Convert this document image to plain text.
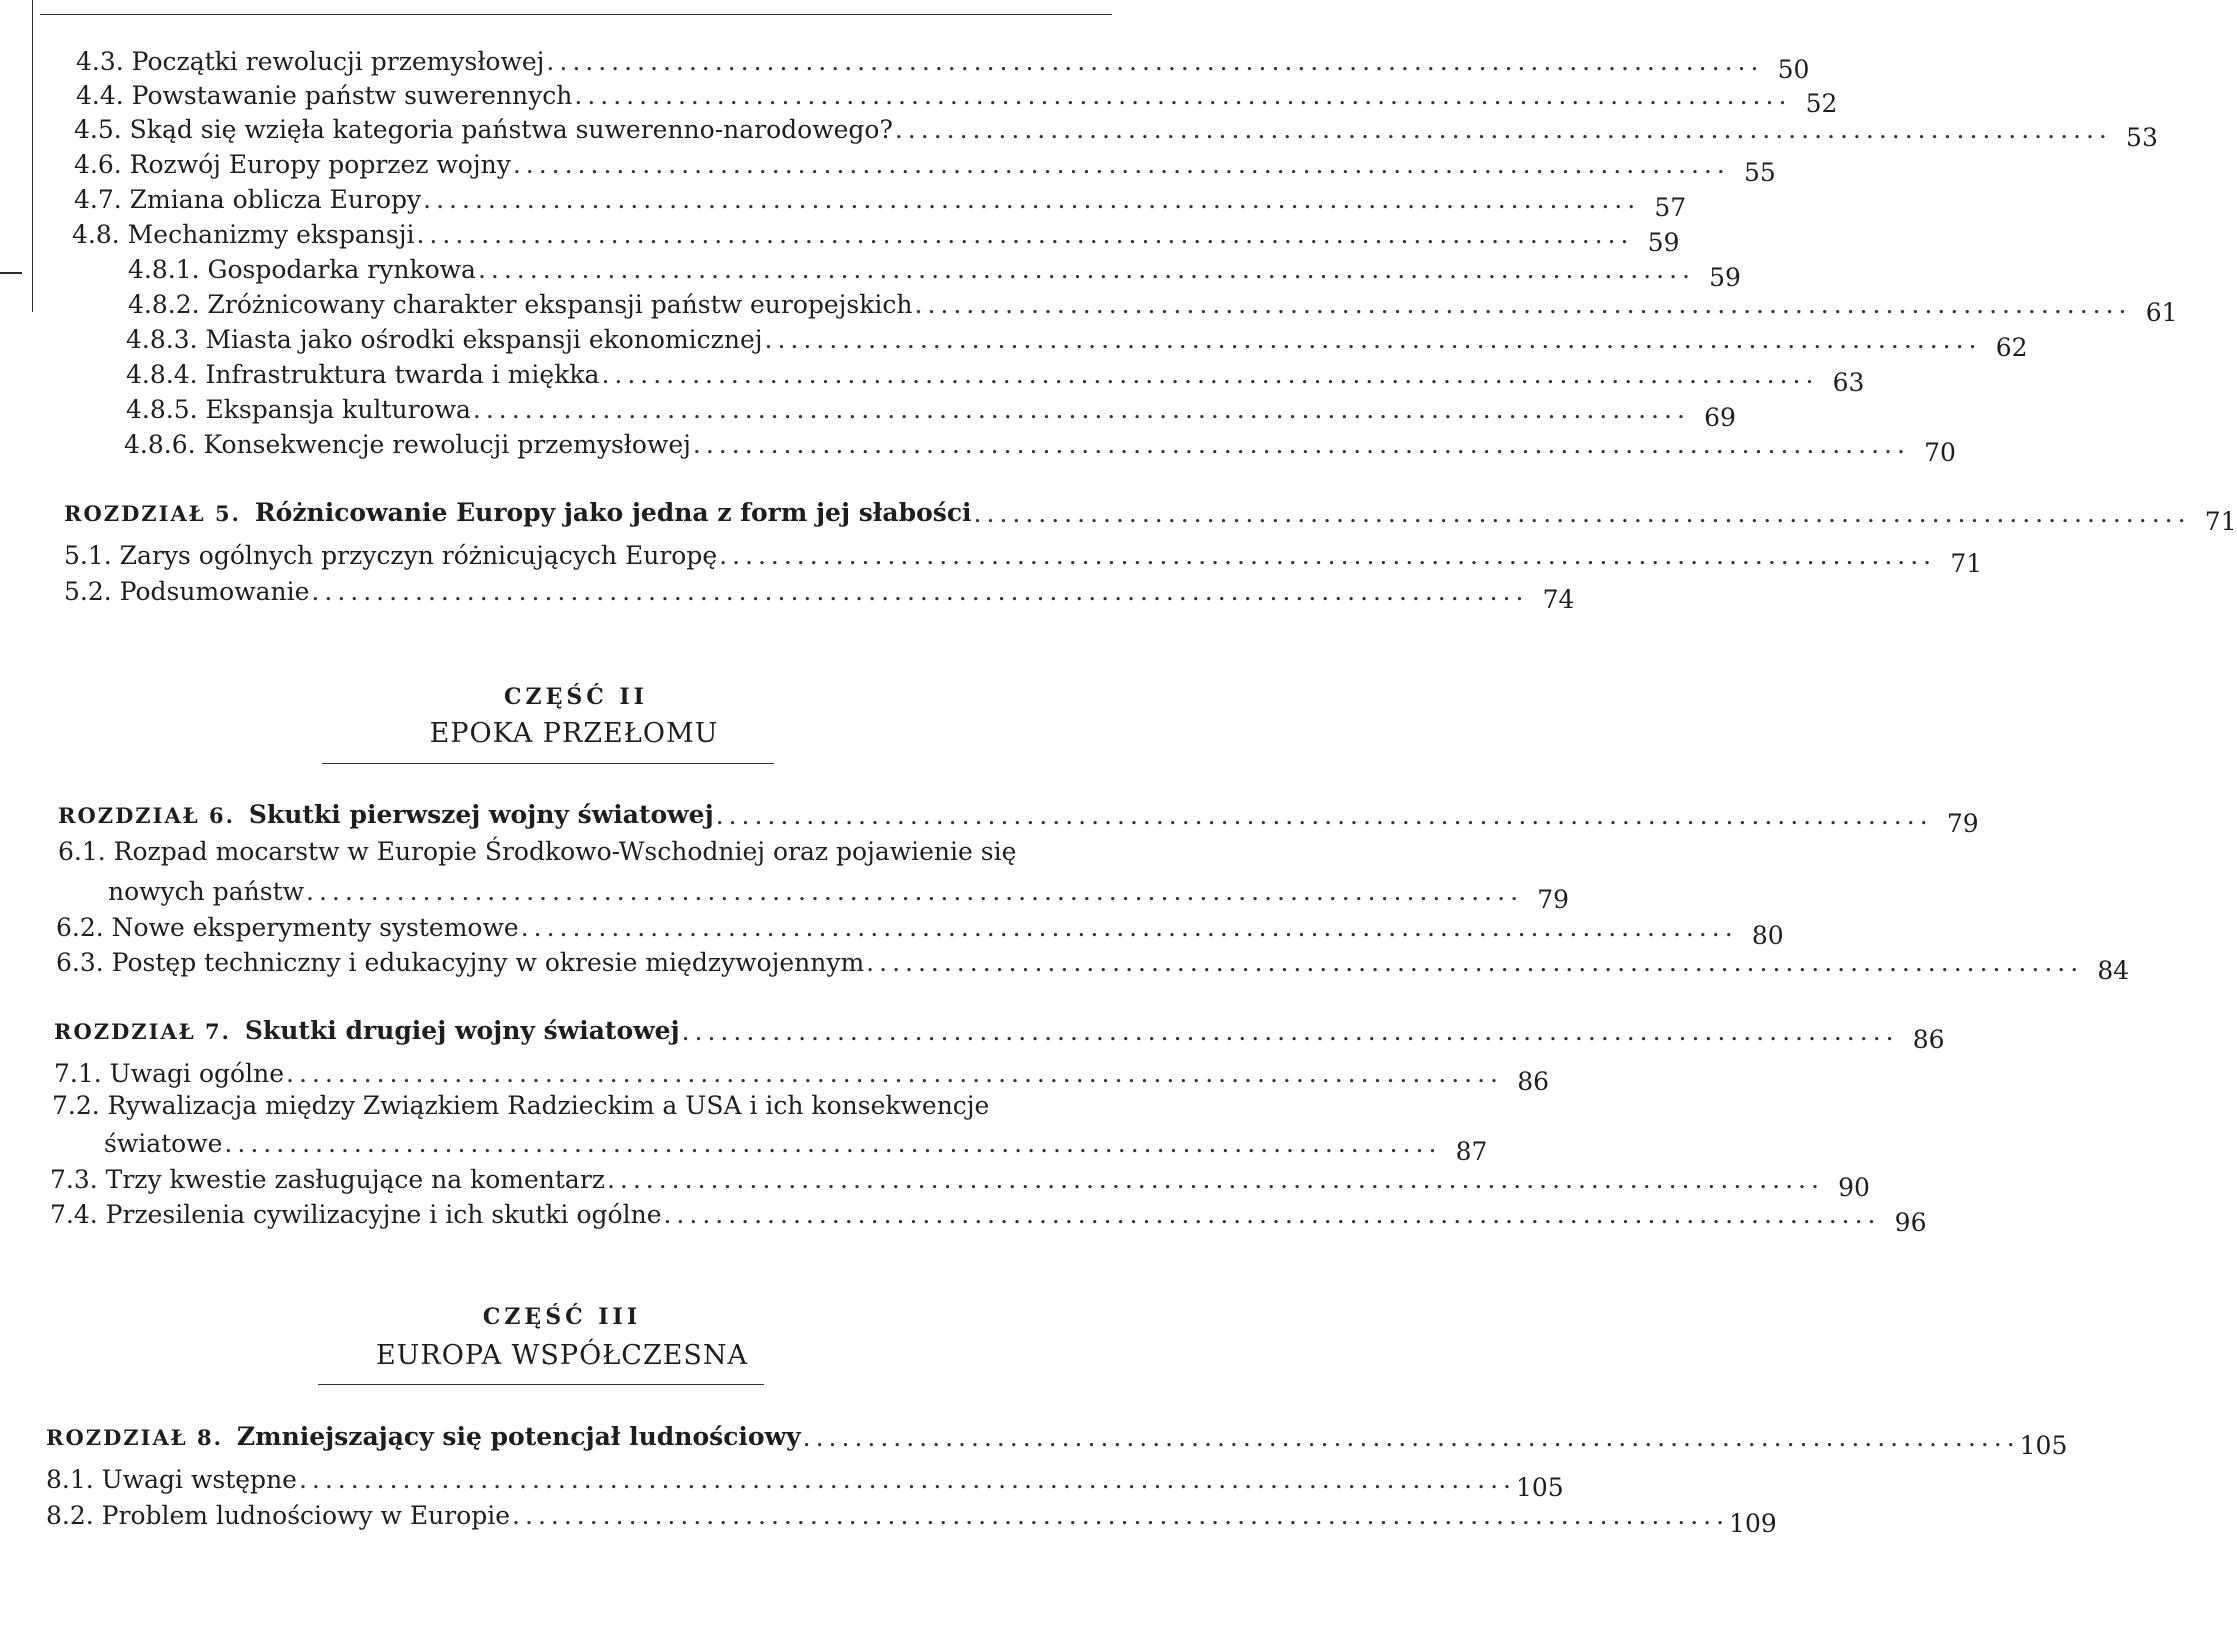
4.3. Początki rewolucji przemysłowej .............................................................................................. 50
4.4. Powstawanie państw suwerennych .............................................................................................. 52
4.5. Skąd się wzięła kategoria państwa suwerenno-narodowego? .............................................................................................. 53
4.6. Rozwój Europy poprzez wojny .............................................................................................. 55
4.7. Zmiana oblicza Europy .............................................................................................. 57
4.8. Mechanizmy ekspansji .............................................................................................. 59
4.8.1. Gospodarka rynkowa .............................................................................................. 59
4.8.2. Zróżnicowany charakter ekspansji państw europejskich .............................................................................................. 61
4.8.3. Miasta jako ośrodki ekspansji ekonomicznej .............................................................................................. 62
4.8.4. Infrastruktura twarda i miękka .............................................................................................. 63
4.8.5. Ekspansja kulturowa .............................................................................................. 69
4.8.6. Konsekwencje rewolucji przemysłowej .............................................................................................. 70
ROZDZIAŁ 5. Różnicowanie Europy jako jedna z form jej słabości .............................................................................................. 71
5.1. Zarys ogólnych przyczyn różnicujących Europę .............................................................................................. 71
5.2. Podsumowanie .............................................................................................. 74
CZĘŚĆ II
EPOKA PRZEŁOMU
ROZDZIAŁ 6. Skutki pierwszej wojny światowej .............................................................................................. 79
6.1. Rozpad mocarstw w Europie Środkowo-Wschodniej oraz pojawienie się
nowych państw .............................................................................................. 79
6.2. Nowe eksperymenty systemowe .............................................................................................. 80
6.3. Postęp techniczny i edukacyjny w okresie międzywojennym .............................................................................................. 84
ROZDZIAŁ 7. Skutki drugiej wojny światowej .............................................................................................. 86
7.1. Uwagi ogólne .............................................................................................. 86
7.2. Rywalizacja między Związkiem Radzieckim a USA i ich konsekwencje
światowe .............................................................................................. 87
7.3. Trzy kwestie zasługujące na komentarz .............................................................................................. 90
7.4. Przesilenia cywilizacyjne i ich skutki ogólne .............................................................................................. 96
CZĘŚĆ III
EUROPA WSPÓŁCZESNA
ROZDZIAŁ 8. Zmniejszający się potencjał ludnościowy .............................................................................................. 105
8.1. Uwagi wstępne .............................................................................................. 105
8.2. Problem ludnościowy w Europie .............................................................................................. 109
